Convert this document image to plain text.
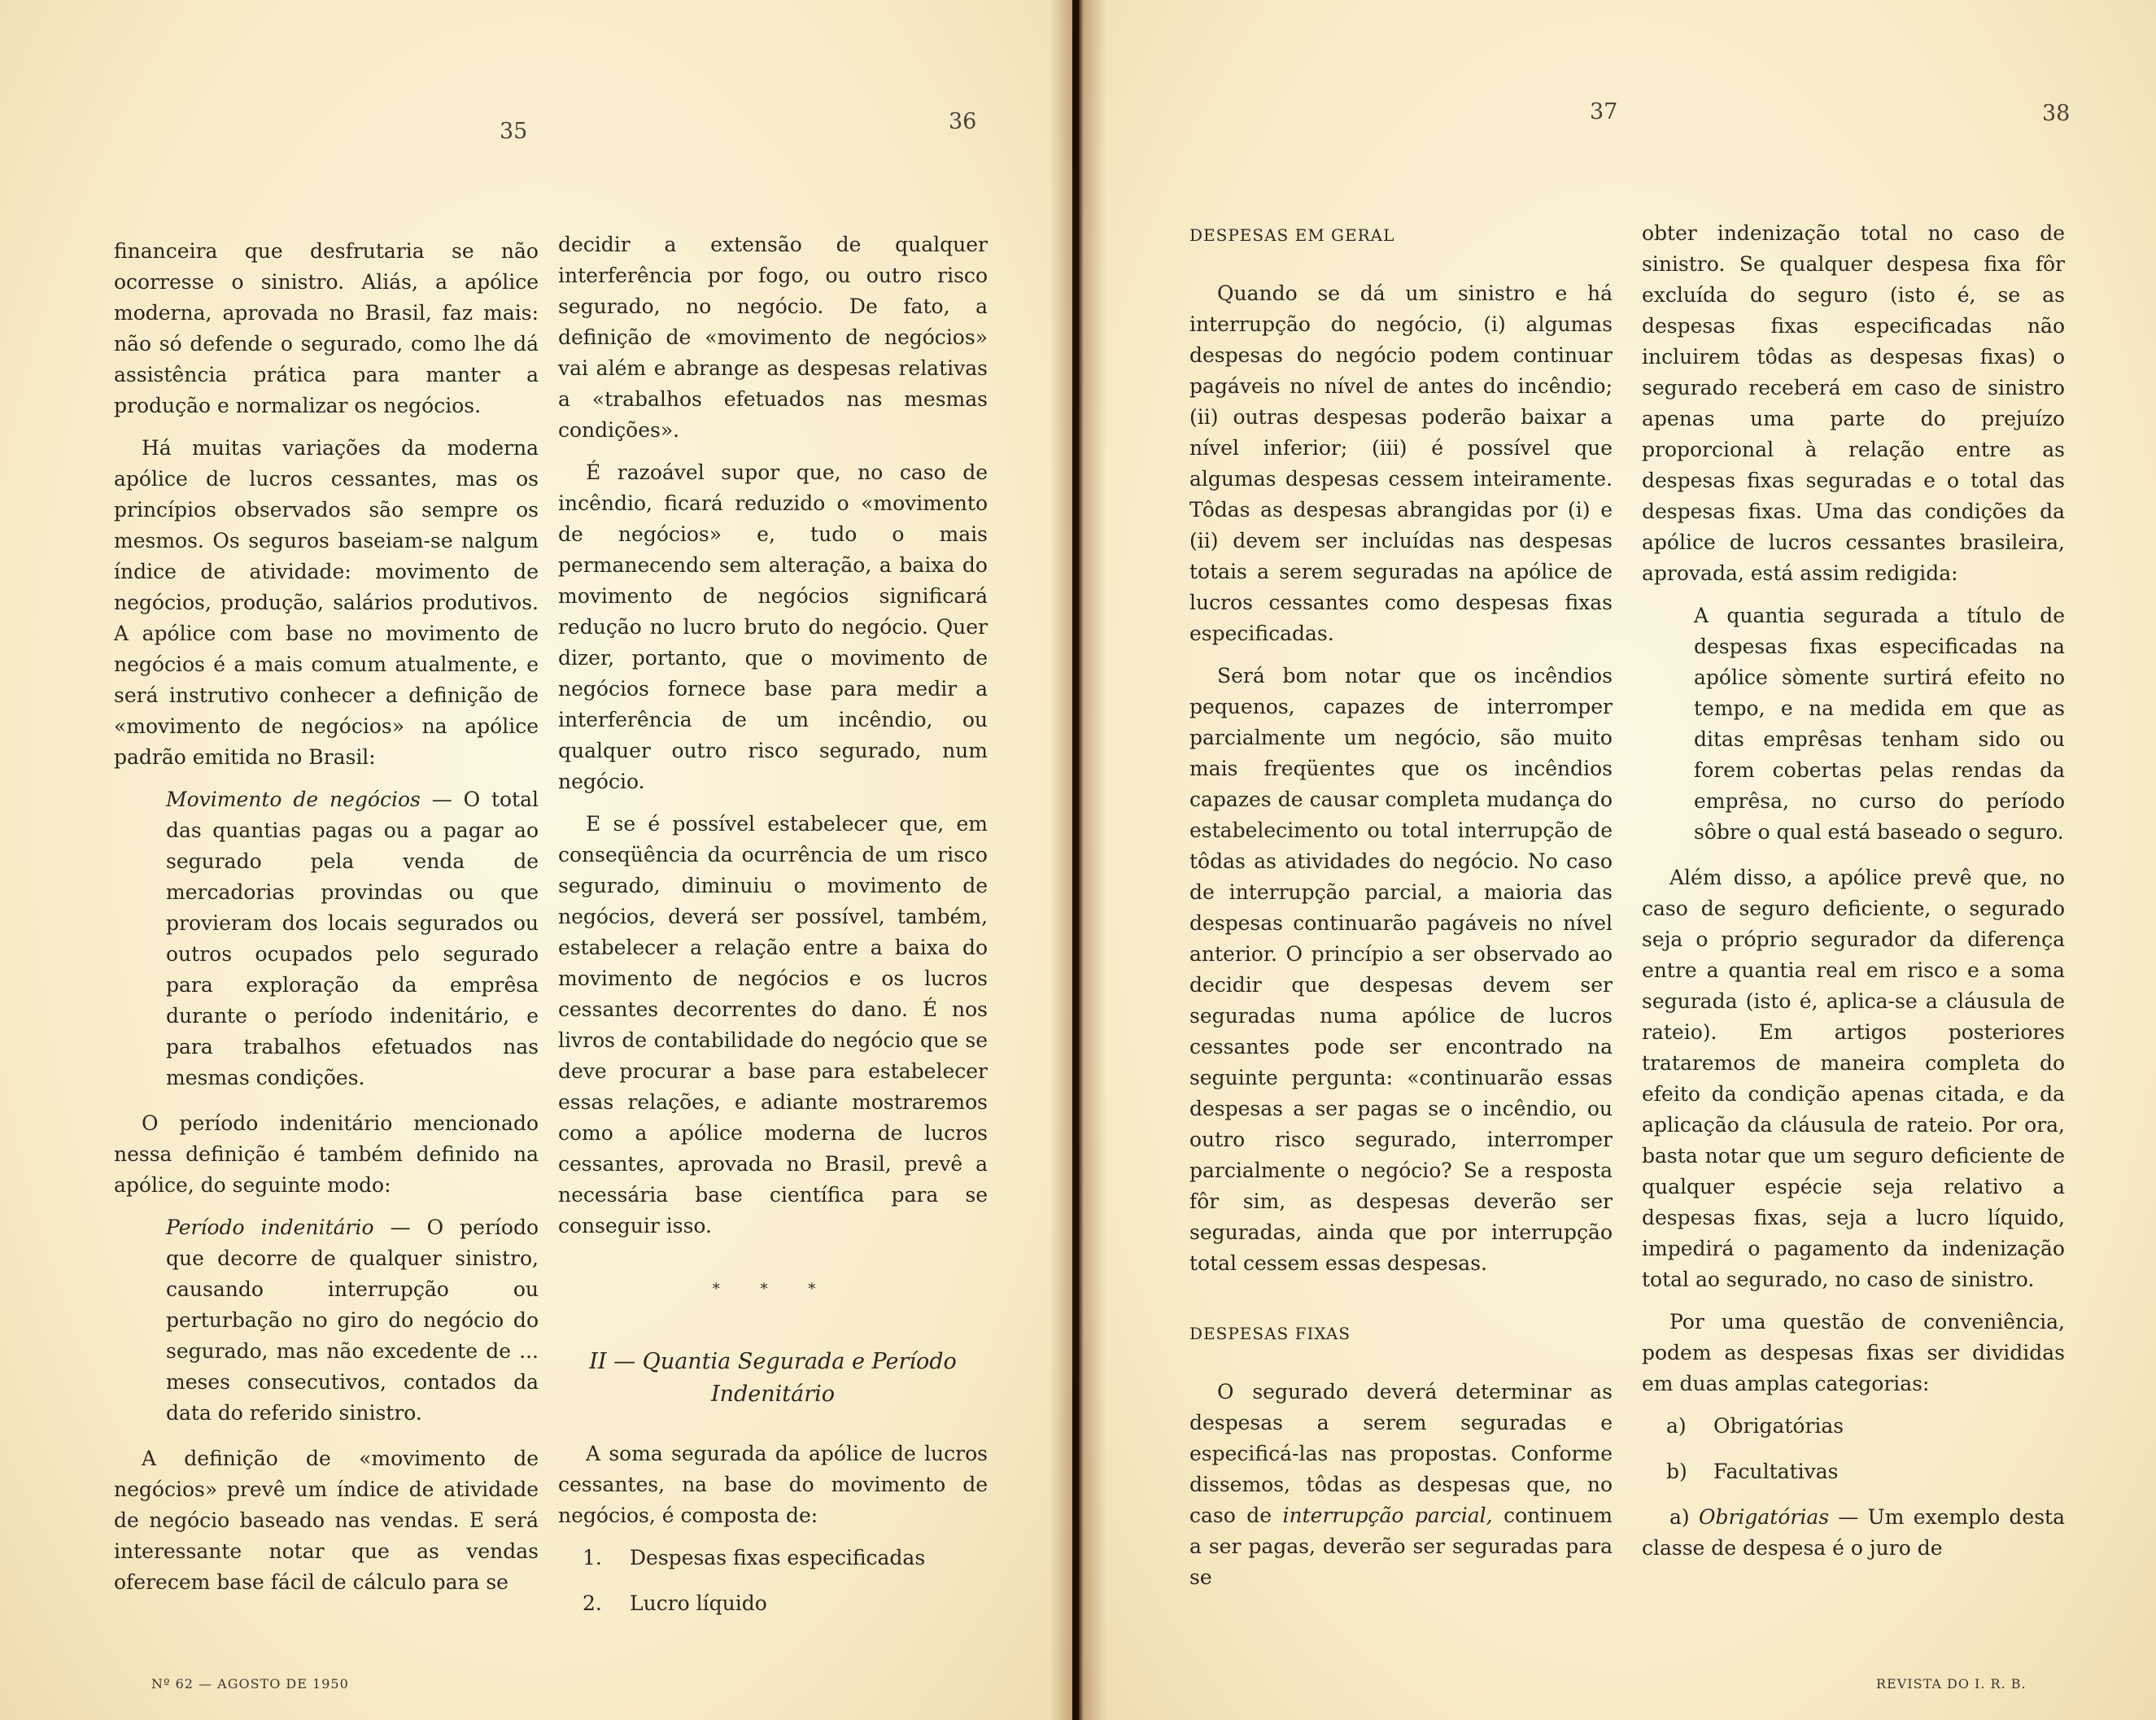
35	36	37	38

financeira que desfrutaria se não ocorresse o sinistro. Aliás, a apólice moderna, aprovada no Brasil, faz mais: não só defende o segurado, como lhe dá assistência prática para manter a produção e normalizar os negócios.

Há muitas variações da moderna apólice de lucros cessantes, mas os princípios observados são sempre os mesmos. Os seguros baseiam-se nalgum índice de atividade: movimento de negócios, produção, salários produtivos. A apólice com base no movimento de negócios é a mais comum atualmente, e será instrutivo conhecer a definição de «movimento de negócios» na apólice padrão emitida no Brasil:

Movimento de negócios — O total das quantias pagas ou a pagar ao segurado pela venda de mercadorias provindas ou que provieram dos locais segurados ou outros ocupados pelo segurado para exploração da emprêsa durante o período indenitário, e para trabalhos efetuados nas mesmas condições.

O período indenitário mencionado nessa definição é também definido na apólice, do seguinte modo:

Período indenitário — O período que decorre de qualquer sinistro, causando interrupção ou perturbação no giro do negócio do segurado, mas não excedente de ... meses consecutivos, contados da data do referido sinistro.

A definição de «movimento de negócios» prevê um índice de atividade de negócio baseado nas vendas. E será interessante notar que as vendas oferecem base fácil de cálculo para se

decidir a extensão de qualquer interferência por fogo, ou outro risco segurado, no negócio. De fato, a definição de «movimento de negócios» vai além e abrange as despesas relativas a «trabalhos efetuados nas mesmas condições».

É razoável supor que, no caso de incêndio, ficará reduzido o «movimento de negócios» e, tudo o mais permanecendo sem alteração, a baixa do movimento de negócios significará redução no lucro bruto do negócio. Quer dizer, portanto, que o movimento de negócios fornece base para medir a interferência de um incêndio, ou qualquer outro risco segurado, num negócio.

E se é possível estabelecer que, em conseqüência da ocurrência de um risco segurado, diminuiu o movimento de negócios, deverá ser possível, também, estabelecer a relação entre a baixa do movimento de negócios e os lucros cessantes decorrentes do dano. É nos livros de contabilidade do negócio que se deve procurar a base para estabelecer essas relações, e adiante mostraremos como a apólice moderna de lucros cessantes, aprovada no Brasil, prevê a necessária base científica para se conseguir isso.

* * *
II — Quantia Segurada e Período Indenitário

A soma segurada da apólice de lucros cessantes, na base do movimento de negócios, é composta de:

1. Despesas fixas especificadas
2. Lucro líquido
DESPESAS EM GERAL

Quando se dá um sinistro e há interrupção do negócio, (i) algumas despesas do negócio podem continuar pagáveis no nível de antes do incêndio; (ii) outras despesas poderão baixar a nível inferior; (iii) é possível que algumas despesas cessem inteiramente. Tôdas as despesas abrangidas por (i) e (ii) devem ser incluídas nas despesas totais a serem seguradas na apólice de lucros cessantes como despesas fixas especificadas.

Será bom notar que os incêndios pequenos, capazes de interromper parcialmente um negócio, são muito mais freqüentes que os incêndios capazes de causar completa mudança do estabelecimento ou total interrupção de tôdas as atividades do negócio. No caso de interrupção parcial, a maioria das despesas continuarão pagáveis no nível anterior. O princípio a ser observado ao decidir que despesas devem ser seguradas numa apólice de lucros cessantes pode ser encontrado na seguinte pergunta: «continuarão essas despesas a ser pagas se o incêndio, ou outro risco segurado, interromper parcialmente o negócio? Se a resposta fôr sim, as despesas deverão ser seguradas, ainda que por interrupção total cessem essas despesas.

DESPESAS FIXAS

O segurado deverá determinar as despesas a serem seguradas e especificá-las nas propostas. Conforme dissemos, tôdas as despesas que, no caso de interrupção parcial, continuem a ser pagas, deverão ser seguradas para se

obter indenização total no caso de sinistro. Se qualquer despesa fixa fôr excluída do seguro (isto é, se as despesas fixas especificadas não incluirem tôdas as despesas fixas) o segurado receberá em caso de sinistro apenas uma parte do prejuízo proporcional à relação entre as despesas fixas seguradas e o total das despesas fixas. Uma das condições da apólice de lucros cessantes brasileira, aprovada, está assim redigida:

A quantia segurada a título de despesas fixas especificadas na apólice sòmente surtirá efeito no tempo, e na medida em que as ditas emprêsas tenham sido ou forem cobertas pelas rendas da emprêsa, no curso do período sôbre o qual está baseado o seguro.

Além disso, a apólice prevê que, no caso de seguro deficiente, o segurado seja o próprio segurador da diferença entre a quantia real em risco e a soma segurada (isto é, aplica-se a cláusula de rateio). Em artigos posteriores trataremos de maneira completa do efeito da condição apenas citada, e da aplicação da cláusula de rateio. Por ora, basta notar que um seguro deficiente de qualquer espécie seja relativo a despesas fixas, seja a lucro líquido, impedirá o pagamento da indenização total ao segurado, no caso de sinistro.

Por uma questão de conveniência, podem as despesas fixas ser divididas em duas amplas categorias:

a) Obrigatórias
b) Facultativas

a) Obrigatórias — Um exemplo desta classe de despesa é o juro de

Nº 62 — AGOSTO DE 1950	REVISTA DO I. R. B.
